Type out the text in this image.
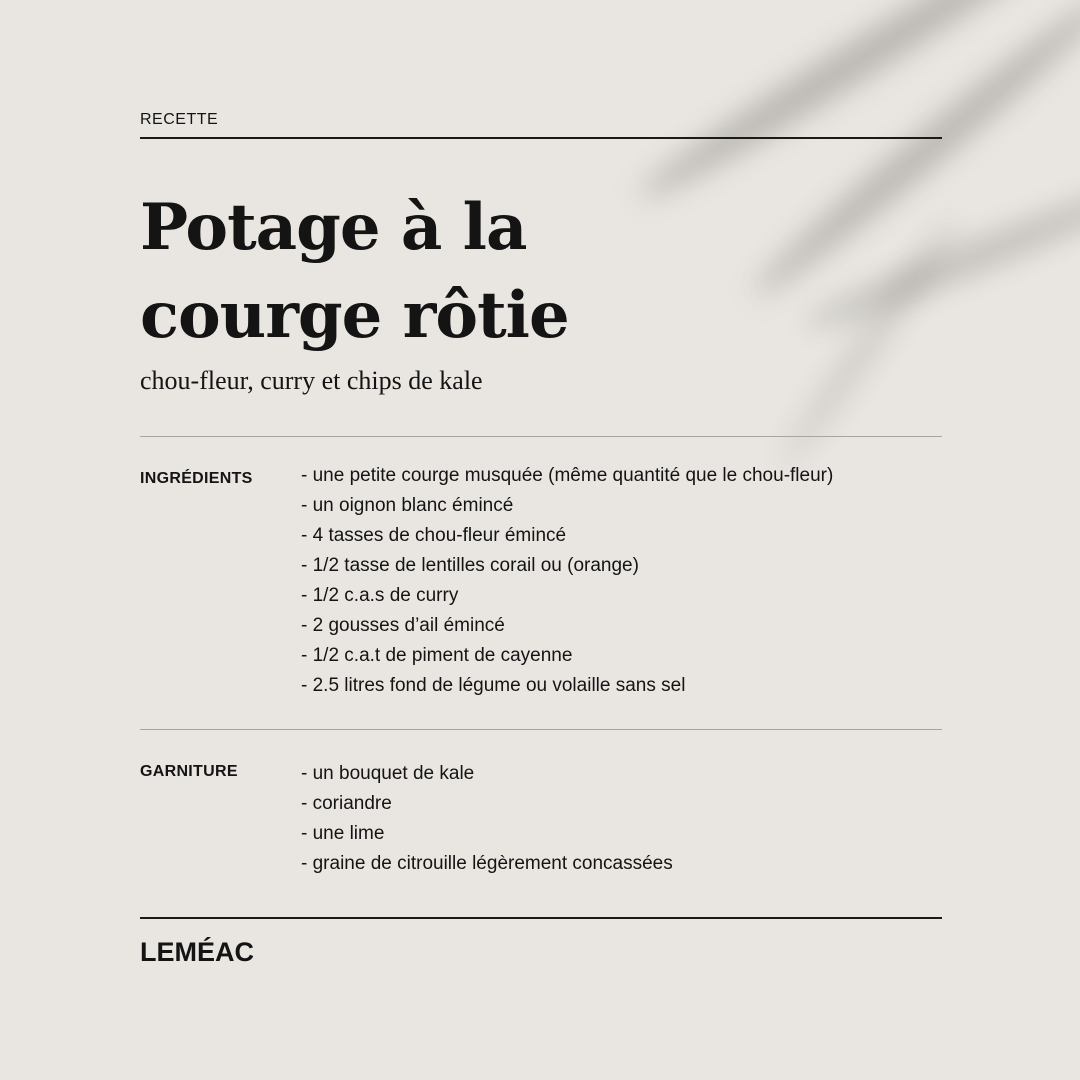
RECETTE
Potage à la
courge rôtie
chou-fleur, curry et chips de kale
INGRÉDIENTS	- une petite courge musquée (même quantité que le chou-fleur)
- un oignon blanc émincé
- 4 tasses de chou-fleur émincé
- 1/2 tasse de lentilles corail ou (orange)
- 1/2 c.a.s de curry
- 2 gousses d’ail émincé
- 1/2 c.a.t de piment de cayenne
- 2.5 litres fond de légume ou volaille sans sel
GARNITURE	- un bouquet de kale
- coriandre
- une lime
- graine de citrouille légèrement concassées
LEMÉAC
